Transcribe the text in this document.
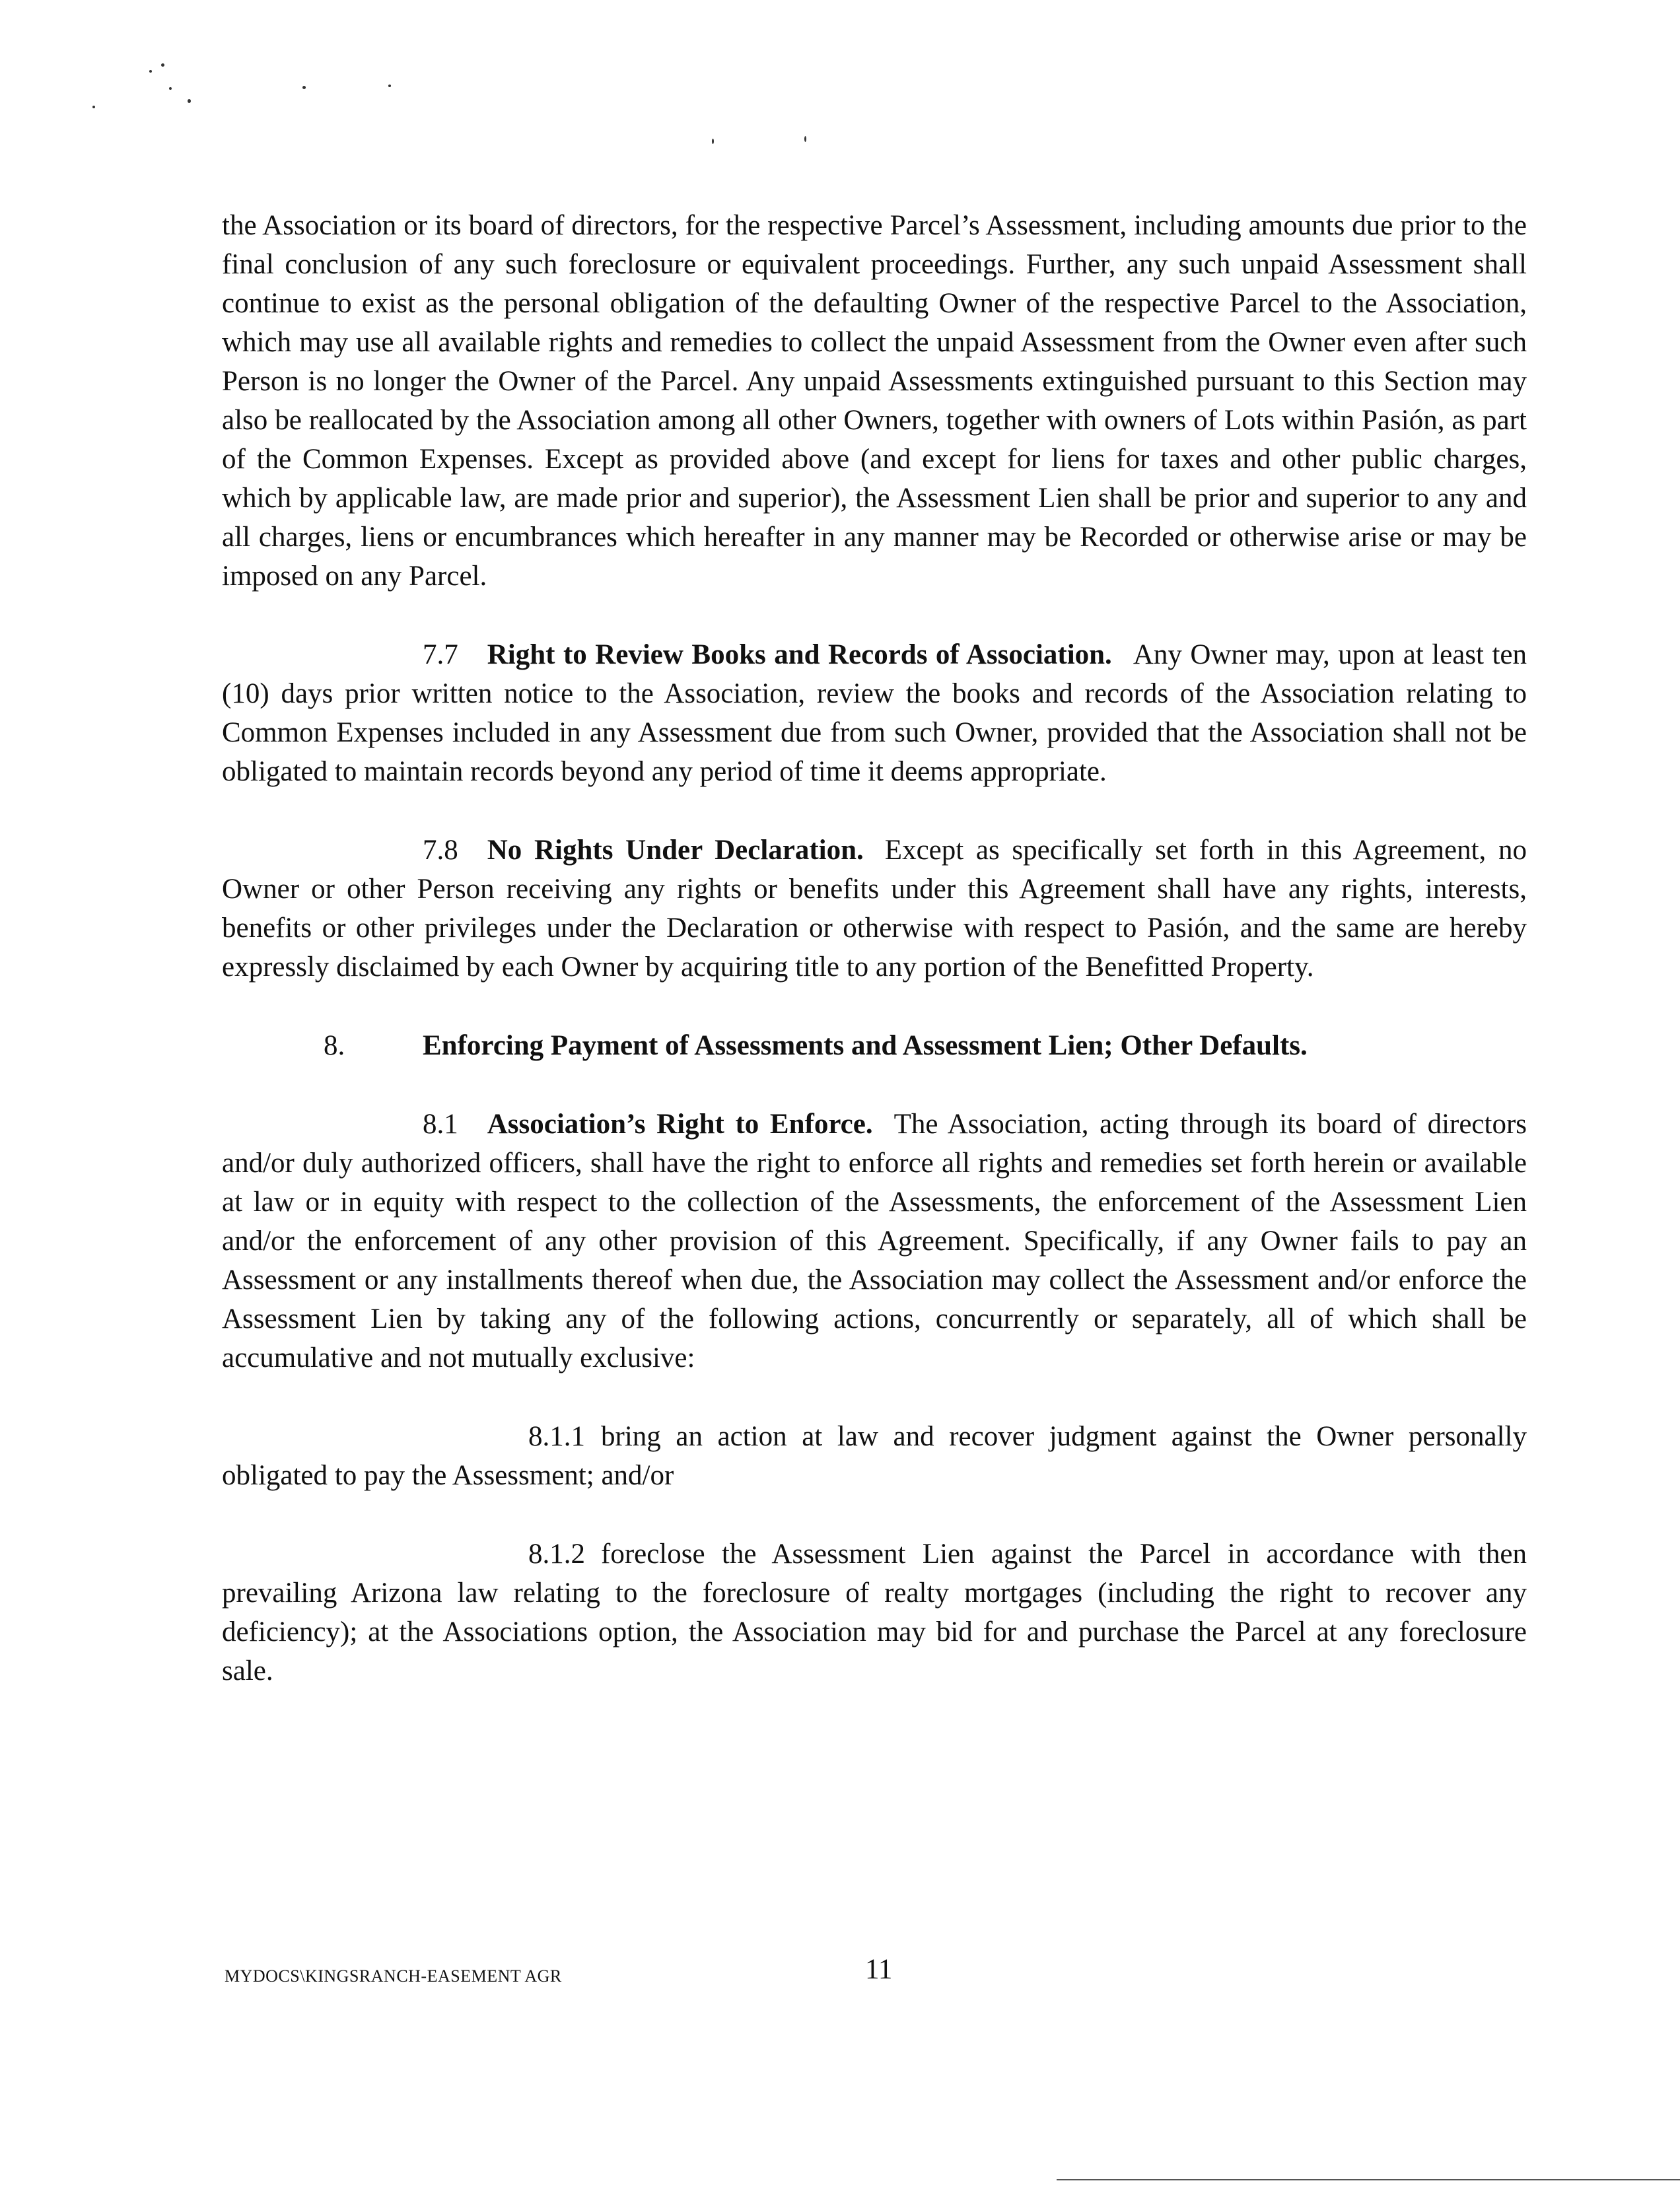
the Association or its board of directors, for the respective Parcel’s Assessment, including amounts due prior to the final conclusion of any such foreclosure or equivalent proceedings. Further, any such unpaid Assessment shall continue to exist as the personal obligation of the defaulting Owner of the respective Parcel to the Association, which may use all available rights and remedies to collect the unpaid Assessment from the Owner even after such Person is no longer the Owner of the Parcel. Any unpaid Assessments extinguished pursuant to this Section may also be reallocated by the Association among all other Owners, together with owners of Lots within Pasión, as part of the Common Expenses. Except as provided above (and except for liens for taxes and other public charges, which by applicable law, are made prior and superior), the Assessment Lien shall be prior and superior to any and all charges, liens or encumbrances which hereafter in any manner may be Recorded or otherwise arise or may be imposed on any Parcel.

7.7 Right to Review Books and Records of Association. Any Owner may, upon at least ten (10) days prior written notice to the Association, review the books and records of the Association relating to Common Expenses included in any Assessment due from such Owner, provided that the Association shall not be obligated to maintain records beyond any period of time it deems appropriate.

7.8 No Rights Under Declaration. Except as specifically set forth in this Agreement, no Owner or other Person receiving any rights or benefits under this Agreement shall have any rights, interests, benefits or other privileges under the Declaration or otherwise with respect to Pasión, and the same are hereby expressly disclaimed by each Owner by acquiring title to any portion of the Benefitted Property.

8.	Enforcing Payment of Assessments and Assessment Lien; Other Defaults.

8.1 Association’s Right to Enforce. The Association, acting through its board of directors and/or duly authorized officers, shall have the right to enforce all rights and remedies set forth herein or available at law or in equity with respect to the collection of the Assessments, the enforcement of the Assessment Lien and/or the enforcement of any other provision of this Agreement. Specifically, if any Owner fails to pay an Assessment or any installments thereof when due, the Association may collect the Assessment and/or enforce the Assessment Lien by taking any of the following actions, concurrently or separately, all of which shall be accumulative and not mutually exclusive:

8.1.1 bring an action at law and recover judgment against the Owner personally obligated to pay the Assessment; and/or

8.1.2 foreclose the Assessment Lien against the Parcel in accordance with then prevailing Arizona law relating to the foreclosure of realty mortgages (including the right to recover any deficiency); at the Associations option, the Association may bid for and purchase the Parcel at any foreclosure sale.

MYDOCS\KINGSRANCH-EASEMENT AGR	11
